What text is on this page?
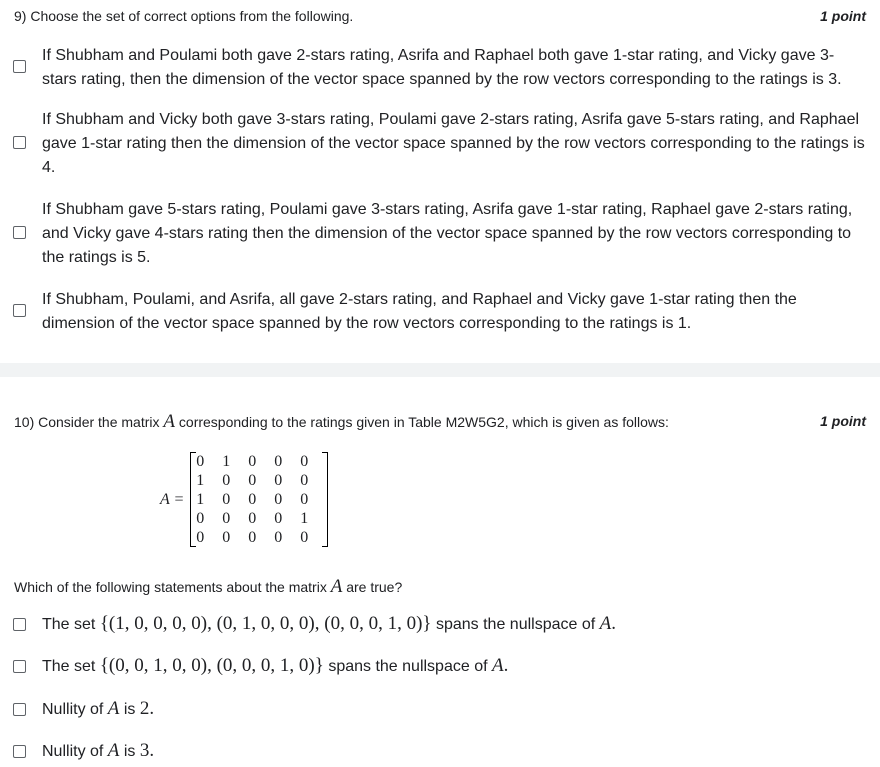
9) Choose the set of correct options from the following.	1 point
If Shubham and Poulami both gave 2-stars rating, Asrifa and Raphael both gave 1-star rating, and Vicky gave 3-stars rating, then the dimension of the vector space spanned by the row vectors corresponding to the ratings is 3.
If Shubham and Vicky both gave 3-stars rating, Poulami gave 2-stars rating, Asrifa gave 5-stars rating, and Raphael gave 1-star rating then the dimension of the vector space spanned by the row vectors corresponding to the ratings is 4.
If Shubham gave 5-stars rating, Poulami gave 3-stars rating, Asrifa gave 1-star rating, Raphael gave 2-stars rating, and Vicky gave 4-stars rating then the dimension of the vector space spanned by the row vectors corresponding to the ratings is 5.
If Shubham, Poulami, and Asrifa, all gave 2-stars rating, and Raphael and Vicky gave 1-star rating then the dimension of the vector space spanned by the row vectors corresponding to the ratings is 1.
10) Consider the matrix A corresponding to the ratings given in Table M2W5G2, which is given as follows:	1 point
A =
0	1	0	0	0
1	0	0	0	0
1	0	0	0	0
0	0	0	0	1
0	0	0	0	0
Which of the following statements about the matrix A are true?
The set {(1, 0, 0, 0, 0), (0, 1, 0, 0, 0), (0, 0, 0, 1, 0)} spans the nullspace of A.
The set {(0, 0, 1, 0, 0), (0, 0, 0, 1, 0)} spans the nullspace of A.
Nullity of A is 2.
Nullity of A is 3.
